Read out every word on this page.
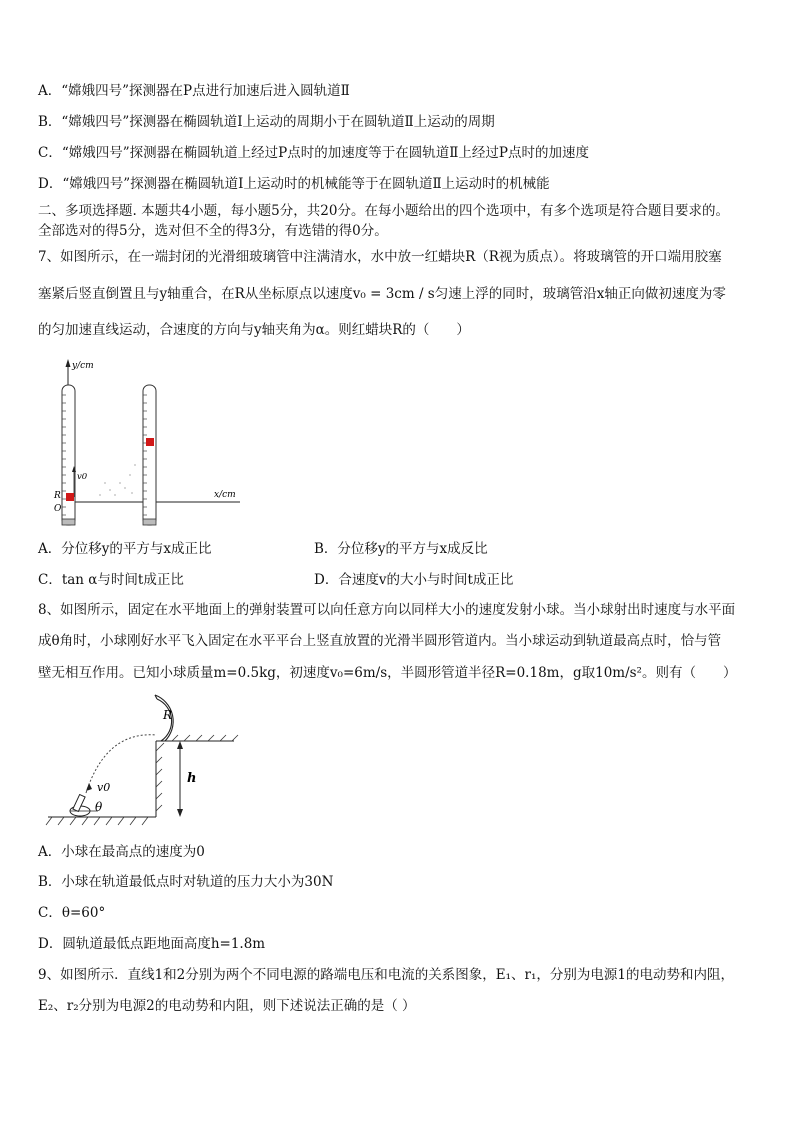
A．“嫦娥四号”探测器在P点进行加速后进入圆轨道Ⅱ
B．“嫦娥四号”探测器在椭圆轨道Ⅰ上运动的周期小于在圆轨道Ⅱ上运动的周期
C．“嫦娥四号”探测器在椭圆轨道上经过P点时的加速度等于在圆轨道Ⅱ上经过P点时的加速度
D．“嫦娥四号”探测器在椭圆轨道Ⅰ上运动时的机械能等于在圆轨道Ⅱ上运动时的机械能
二、多项选择题. 本题共4小题，每小题5分，共20分。在每小题给出的四个选项中，有多个选项是符合题目要求的。
全部选对的得5分，选对但不全的得3分，有选错的得0分。
7、如图所示，在一端封闭的光滑细玻璃管中注满清水，水中放一红蜡块R（R视为质点）。将玻璃管的开口端用胶塞
塞紧后竖直倒置且与y轴重合，在R从坐标原点以速度v₀ = 3cm / s匀速上浮的同时，玻璃管沿x轴正向做初速度为零
的匀加速直线运动，合速度的方向与y轴夹角为α。则红蜡块R的（　　）
y/cm
x/cm
v0
R
O
A．分位移y的平方与x成正比	B．分位移y的平方与x成反比
C．tan α与时间t成正比	D．合速度v的大小与时间t成正比
8、如图所示，固定在水平地面上的弹射装置可以向任意方向以同样大小的速度发射小球。当小球射出时速度与水平面
成θ角时，小球刚好水平飞入固定在水平平台上竖直放置的光滑半圆形管道内。当小球运动到轨道最高点时，恰与管
壁无相互作用。已知小球质量m=0.5kg，初速度v₀=6m/s，半圆形管道半径R=0.18m，g取10m/s²。则有（　　）
h
R
v0
θ
A．小球在最高点的速度为0
B．小球在轨道最低点时对轨道的压力大小为30N
C．θ=60°
D．圆轨道最低点距地面高度h=1.8m
9、如图所示．直线1和2分别为两个不同电源的路端电压和电流的关系图象，E₁、r₁，分别为电源1的电动势和内阻，
E₂、r₂分别为电源2的电动势和内阻，则下述说法正确的是（ ）
